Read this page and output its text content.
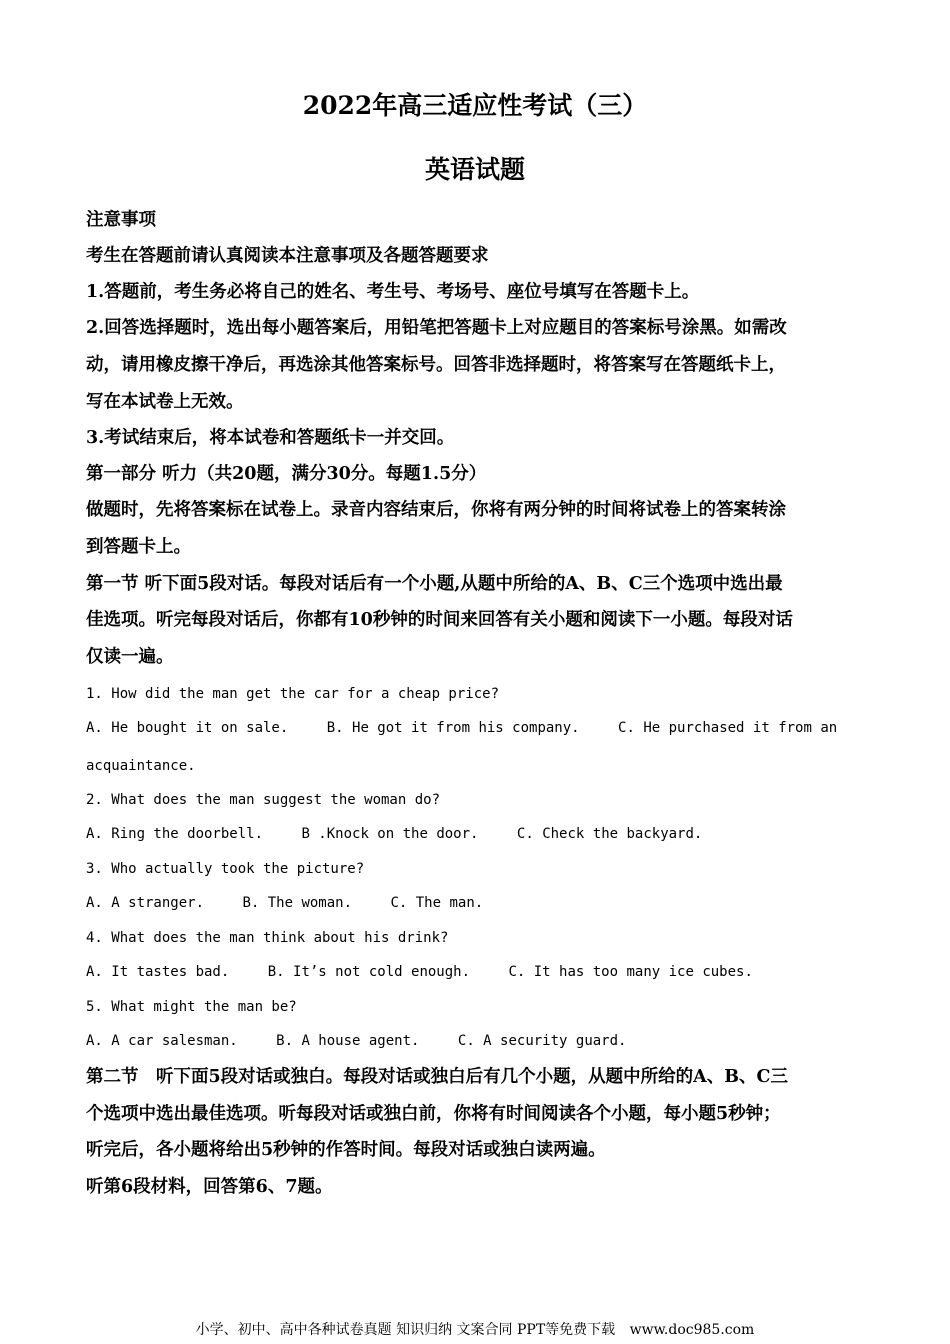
2022年高三适应性考试（三）
英语试题
注意事项
考生在答题前请认真阅读本注意事项及各题答题要求
1.答题前，考生务必将自己的姓名、考生号、考场号、座位号填写在答题卡上。
2.回答选择题时，选出每小题答案后，用铅笔把答题卡上对应题目的答案标号涂黑。如需改
动，请用橡皮擦干净后，再选涂其他答案标号。回答非选择题时，将答案写在答题纸卡上，
写在本试卷上无效。
3.考试结束后，将本试卷和答题纸卡一并交回。
第一部分 听力（共20题，满分30分。每题1.5分）
做题时，先将答案标在试卷上。录音内容结束后，你将有两分钟的时间将试卷上的答案转涂
到答题卡上。
第一节 听下面5段对话。每段对话后有一个小题,从题中所给的A、B、C三个选项中选出最
佳选项。听完每段对话后，你都有10秒钟的时间来回答有关小题和阅读下一小题。每段对话
仅读一遍。
1. How did the man get the car for a cheap price?
A. He bought it on sale.	B. He got it from his company.	C. He purchased it from an
acquaintance.
2. What does the man suggest the woman do?
A. Ring the doorbell.	B .Knock on the door.	C. Check the backyard.
3. Who actually took the picture?
A. A stranger.	B. The woman.	C. The man.
4. What does the man think about his drink?
A. It tastes bad.	B. It’s not cold enough.	C. It has too many ice cubes.
5. What might the man be?
A. A car salesman.	B. A house agent.	C. A security guard.
第二节　听下面5段对话或独白。每段对话或独白后有几个小题，从题中所给的A、B、C三
个选项中选出最佳选项。听每段对话或独白前，你将有时间阅读各个小题，每小题5秒钟；
听完后，各小题将给出5秒钟的作答时间。每段对话或独白读两遍。
听第6段材料，回答第6、7题。
小学、初中、高中各种试卷真题 知识归纳 文案合同 PPT等免费下载 www.doc985.com
